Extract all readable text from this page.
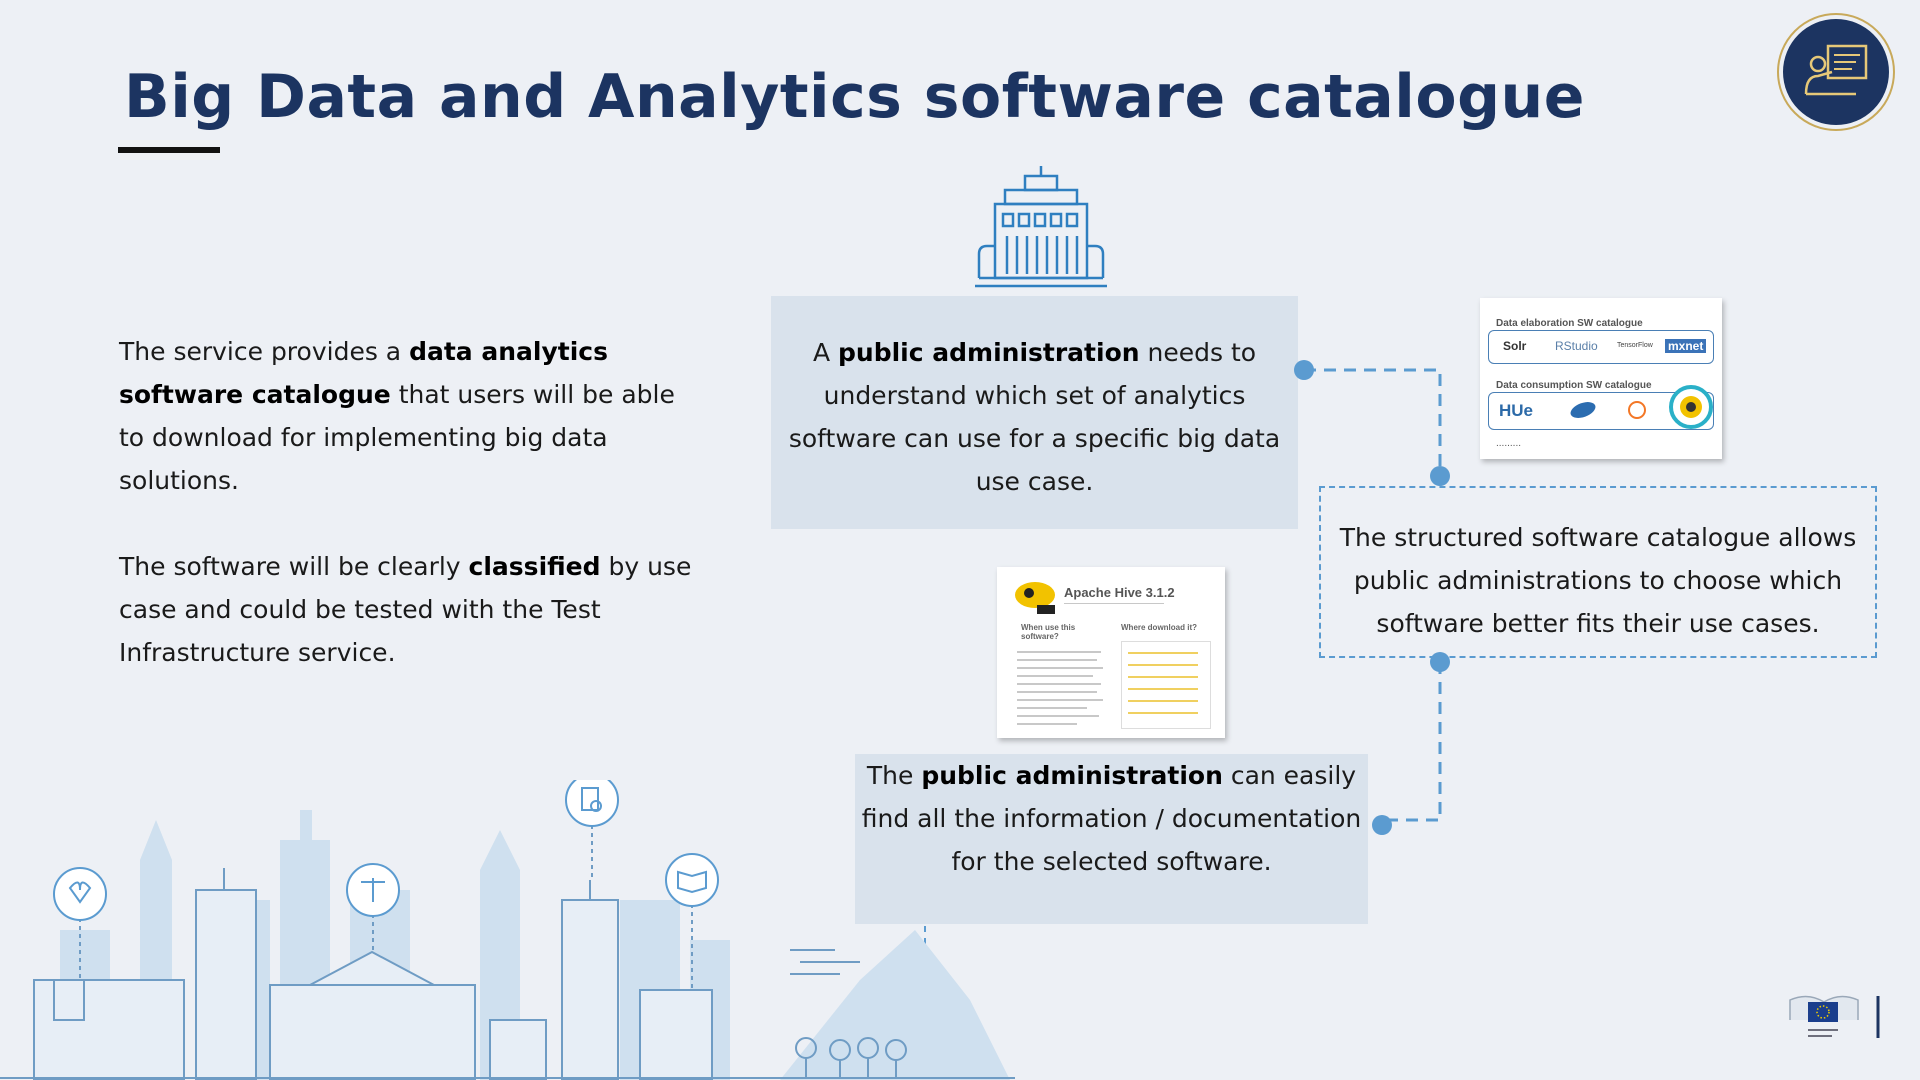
Big Data and Analytics software catalogue

The service provides a data analytics software catalogue that users will be able to download for implementing big data solutions.

The software will be clearly classified by use case and could be tested with the Test Infrastructure service.

A public administration needs to understand which set of analytics software can use for a specific big data use case.
The structured software catalogue allows public administrations to choose which software better fits their use cases.
The public administration can easily find all the information / documentation for the selected software.
Data elaboration SW catalogue
Solr RStudio	TensorFlow mxnet
Data consumption SW catalogue
HUe
.........
Apache Hive 3.1.2
When use this software?
Where download it?
